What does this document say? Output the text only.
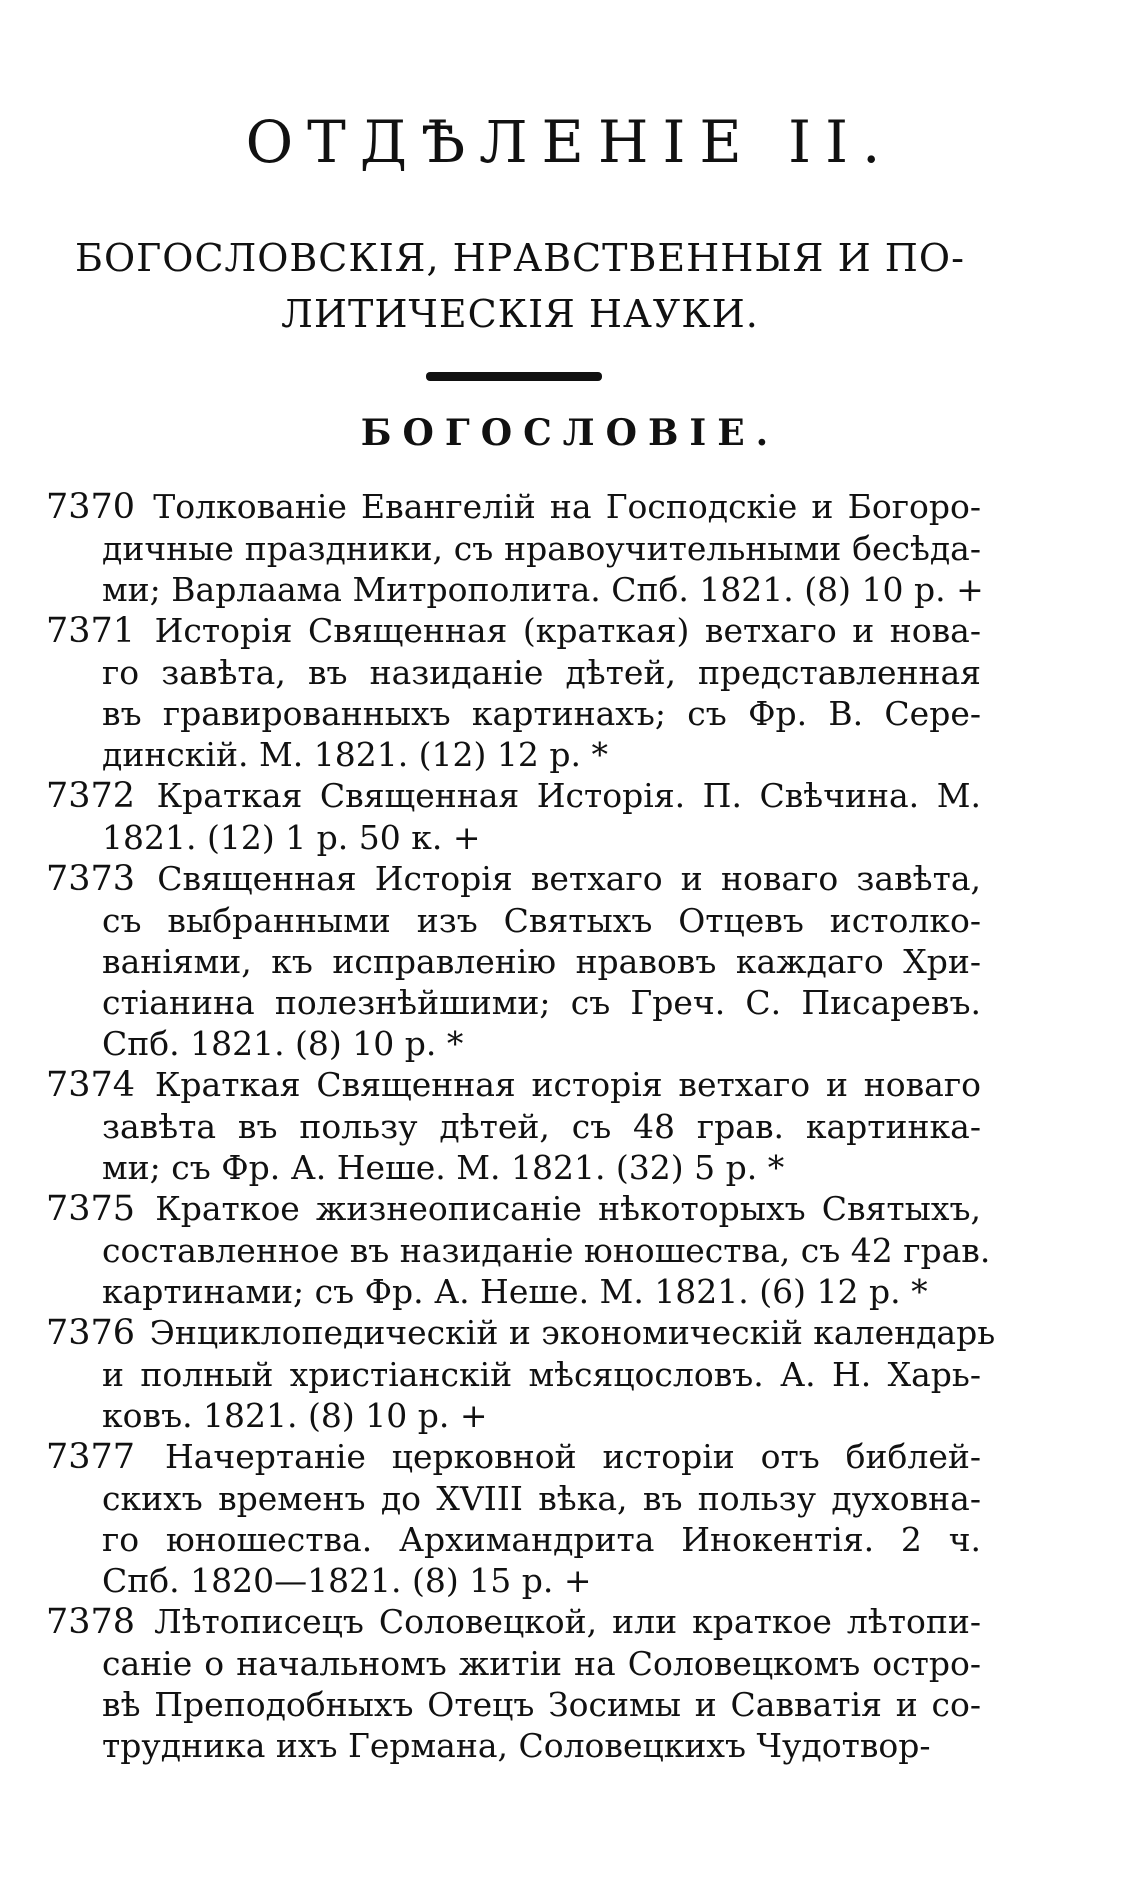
ОТДѢЛЕНІЕ II.
БОГОСЛОВСКІЯ, НРАВСТВЕННЫЯ И ПО-
ЛИТИЧЕСКІЯ НАУКИ.
БОГОСЛОВІЕ.
7370 Толкованіе Евангелій на Господскіе и Богоро-
дичные праздники, съ нравоучительными бесѣда-
ми; Варлаама Митрополита. Спб. 1821. (8) 10 р. +
7371 Исторія Священная (краткая) ветхаго и нова-
го завѣта, въ назиданіе дѣтей, представленная
въ гравированныхъ картинахъ; съ Фр. В. Серe-
динскій. М. 1821. (12) 12 р. *
7372 Краткая Священная Исторія. П. Свѣчина. М.
1821. (12) 1 р. 50 к. +
7373 Священная Исторія ветхаго и новаго завѣта,
съ выбранными изъ Святыхъ Отцевъ истолко-
ваніями, къ исправленію нравовъ каждаго Хри-
стіанина полезнѣйшими; съ Греч. С. Писаревъ.
Спб. 1821. (8) 10 р. *
7374 Краткая Священная исторія ветхаго и новаго
завѣта въ пользу дѣтей, съ 48 грав. картинка-
ми; съ Фр. А. Неше. М. 1821. (32) 5 р. *
7375 Краткое жизнеописаніе нѣкоторыхъ Святыхъ,
составленное въ назиданіе юношества, съ 42 грав.
картинами; съ Фр. А. Неше. М. 1821. (6) 12 р. *
7376 Энциклопедическій и экономическій календарь
и полный христіанскій мѣсяцословъ. А. Н. Харь-
ковъ. 1821. (8) 10 р. +
7377 Начертаніе церковной исторіи отъ библей-
скихъ временъ до XVIII вѣка, въ пользу духовна-
го юношества. Архимандрита Инокентія. 2 ч.
Спб. 1820—1821. (8) 15 р. +
7378 Лѣтописецъ Соловецкой, или краткое лѣтопи-
саніе о начальномъ житіи на Соловецкомъ остро-
вѣ Преподобныхъ Отецъ Зосимы и Савватія и со-
трудника ихъ Германа, Соловецкихъ Чудотвор-
